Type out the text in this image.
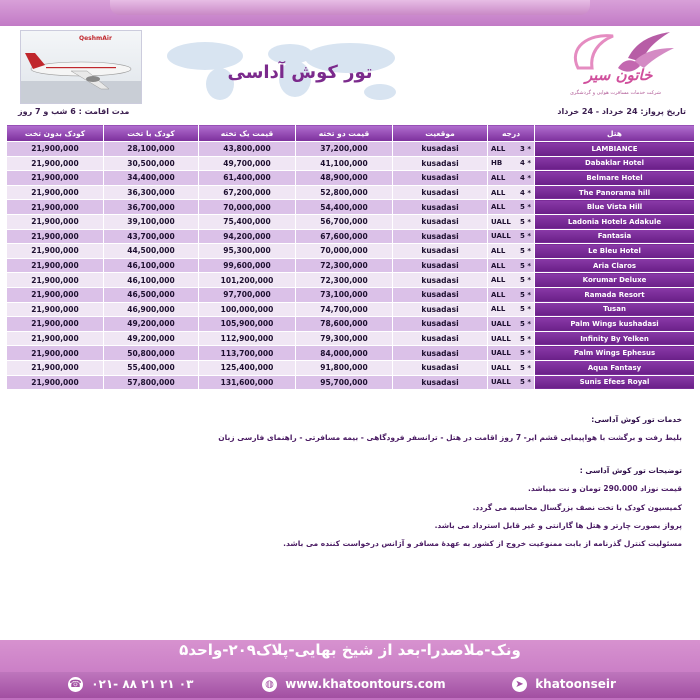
QeshmAir
تور کوش آداسی	خاتون سیر
شرکت خدمات مسافرت هوایی و گردشگری
مدت اقامت : 6 شب و 7 روز	تاریخ پرواز: 24 خرداد - 24 خرداد
کودک بدون تخت	کودک با تخت	قیمت یک تخته	قیمت دو تخته	موقعیت	درجه	هتل
21,900,000	28,100,000	43,800,000	37,200,000	kusadasi	ALL 3 *	LAMBIANCE
21,900,000	30,500,000	49,700,000	41,100,000	kusadasi	HB 4 *	Dabaklar Hotel
21,900,000	34,400,000	61,400,000	48,900,000	kusadasi	ALL 4 *	Belmare Hotel
21,900,000	36,300,000	67,200,000	52,800,000	kusadasi	ALL 4 *	The Panorama hill
21,900,000	36,700,000	70,000,000	54,400,000	kusadasi	ALL 5 *	Blue Vista Hill
21,900,000	39,100,000	75,400,000	56,700,000	kusadasi	UALL 5 *	Ladonia Hotels Adakule
21,900,000	43,700,000	94,200,000	67,600,000	kusadasi	UALL 5 *	Fantasia
21,900,000	44,500,000	95,300,000	70,000,000	kusadasi	ALL 5 *	Le Bleu Hotel
21,900,000	46,100,000	99,600,000	72,300,000	kusadasi	ALL 5 *	Aria Claros
21,900,000	46,100,000	101,200,000	72,300,000	kusadasi	ALL 5 *	Korumar Deluxe
21,900,000	46,500,000	97,700,000	73,100,000	kusadasi	ALL 5 *	Ramada Resort
21,900,000	46,900,000	100,000,000	74,700,000	kusadasi	ALL 5 *	Tusan
21,900,000	49,200,000	105,900,000	78,600,000	kusadasi	UALL 5 *	Palm Wings kushadasi
21,900,000	49,200,000	112,900,000	79,300,000	kusadasi	UALL 5 *	Infinity By Yelken
21,900,000	50,800,000	113,700,000	84,000,000	kusadasi	UALL 5 *	Palm Wings Ephesus
21,900,000	55,400,000	125,400,000	91,800,000	kusadasi	UALL 5 *	Aqua Fantasy
21,900,000	57,800,000	131,600,000	95,700,000	kusadasi	UALL 5 *	Sunis Efees Royal

خدمات تور کوش آداسی:

بلیط رفت و برگشت با هواپیمایی قشم ایر- 7 روز اقامت در هتل - ترانسفر فرودگاهی - بیمه مسافرتی - راهنمای فارسی زبان

توضیحات تور کوش آداسی :

قیمت نوزاد 290.000 تومان و نت میباشد.

کمیسیون کودک با تخت نصف بزرگسال محاسبه می گردد.

پرواز بصورت چارتر و هتل ها گارانتی و غیر قابل استرداد می باشد.

مسئولیت کنترل گذرنامه از بابت ممنوعیت خروج از کشور به عهدهٔ مسافر و آژانس درخواست کننده می باشد.

ونک-ملاصدرا-بعد از شیخ بهایی-پلاک۲۰۹-واحد۵
☎ ۰۲۱- ۸۸ ۲۱ ۲۱ ۰۳	◍ www.khatoontours.com	➤ khatoonseir
